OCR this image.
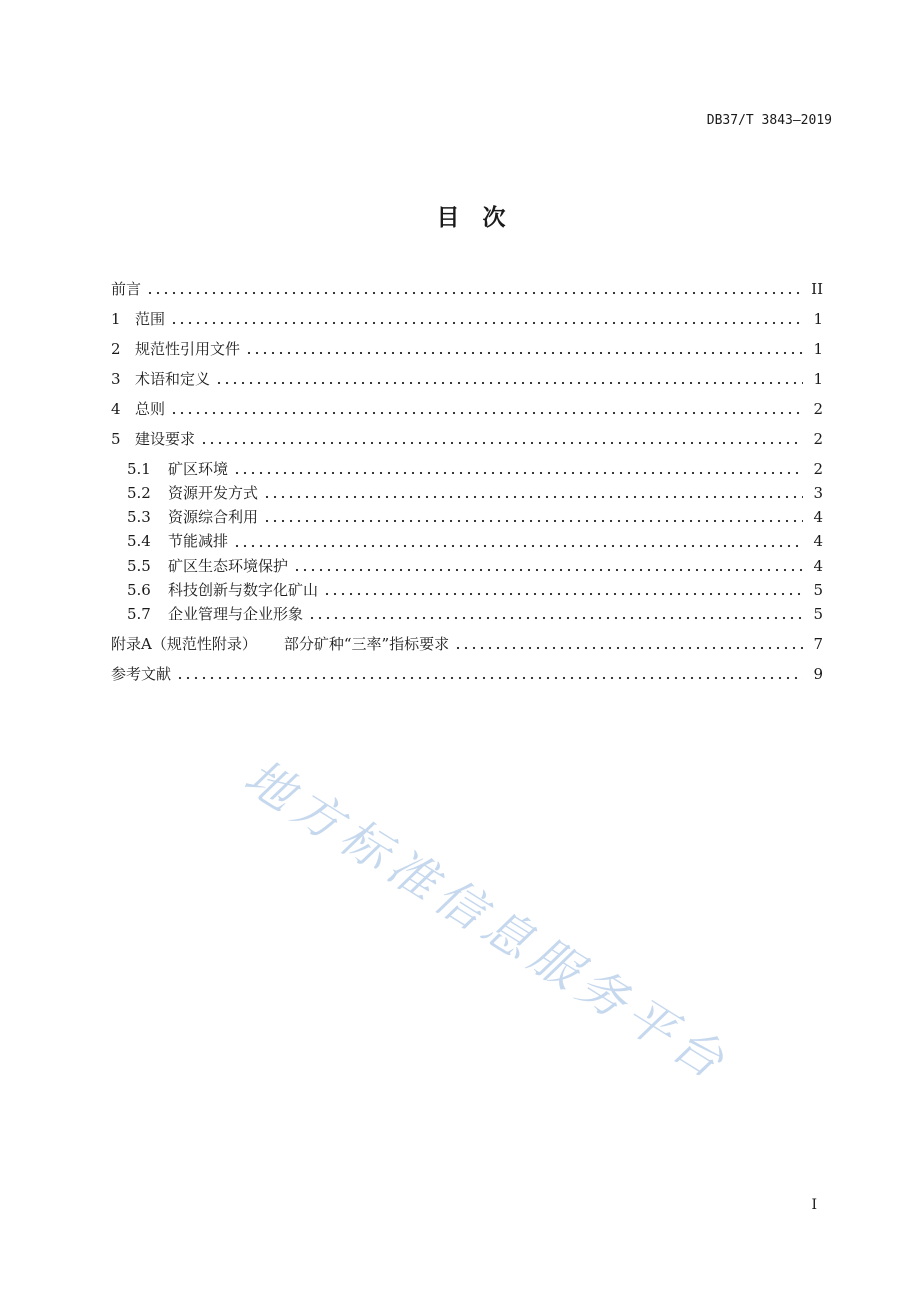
DB37/T 3843—2019
目　次
前言	II
1 范围	1
2 规范性引用文件	1
3 术语和定义	1
4 总则	2
5 建设要求	2
5.1	矿区环境	2
5.2	资源开发方式	3
5.3	资源综合利用	4
5.4	节能减排	4
5.5	矿区生态环境保护	4
5.6	科技创新与数字化矿山	5
5.7	企业管理与企业形象	5
附录A（规范性附录） 部分矿种“三率”指标要求	7
参考文献	9
地方标准信息服务平台
I
